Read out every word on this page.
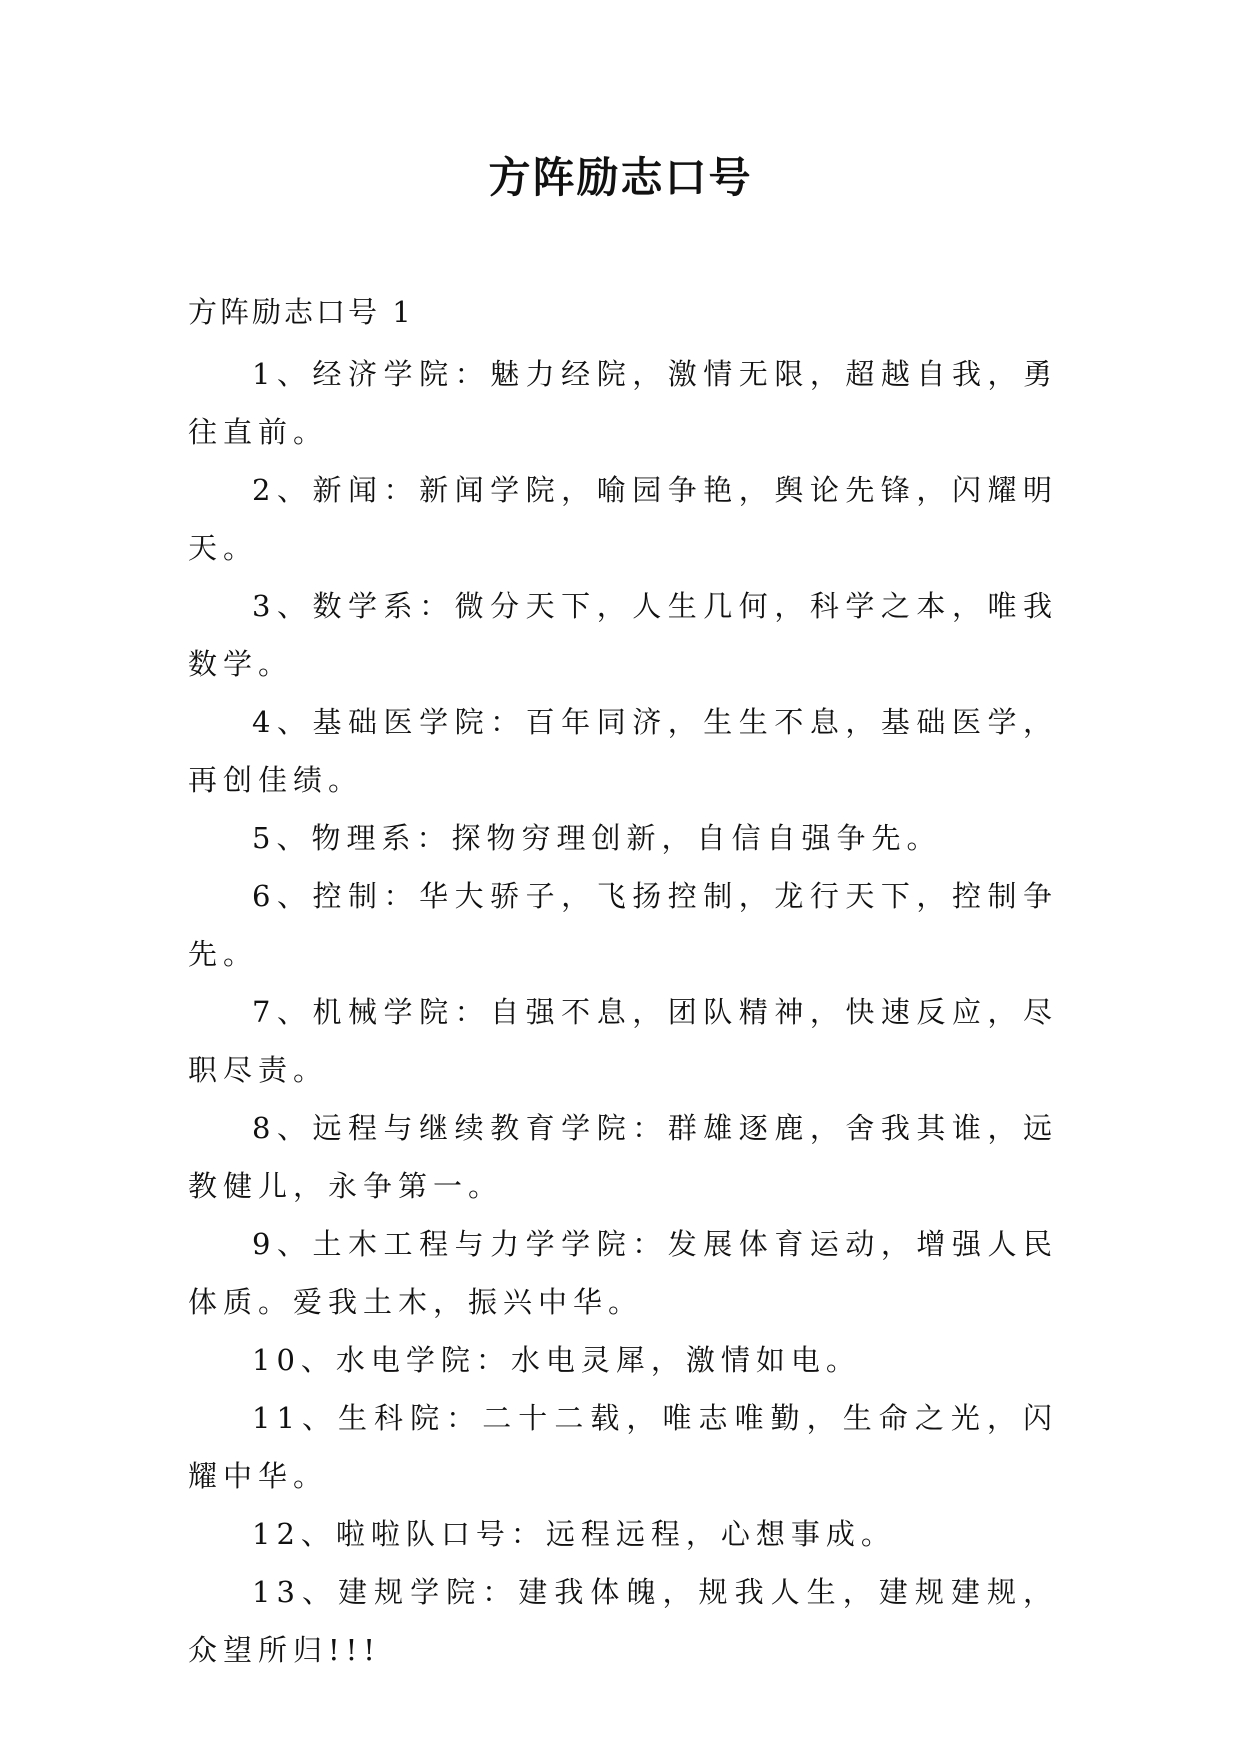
方阵励志口号
方阵励志口号 1

1、经济学院：魅力经院，激情无限，超越自我，勇往直前。

2、新闻：新闻学院，喻园争艳，舆论先锋，闪耀明天。

3、数学系：微分天下，人生几何，科学之本，唯我数学。

4、基础医学院：百年同济，生生不息，基础医学，再创佳绩。

5、物理系：探物穷理创新，自信自强争先。

6、控制：华大骄子，飞扬控制，龙行天下，控制争先。

7、机械学院：自强不息，团队精神，快速反应，尽职尽责。

8、远程与继续教育学院：群雄逐鹿，舍我其谁，远教健儿，永争第一。

9、土木工程与力学学院：发展体育运动，增强人民体质。爱我土木，振兴中华。

10、水电学院：水电灵犀，激情如电。

11、生科院：二十二载，唯志唯勤，生命之光，闪耀中华。

12、啦啦队口号：远程远程，心想事成。

13、建规学院：建我体魄，规我人生，建规建规，众望所归!!!
